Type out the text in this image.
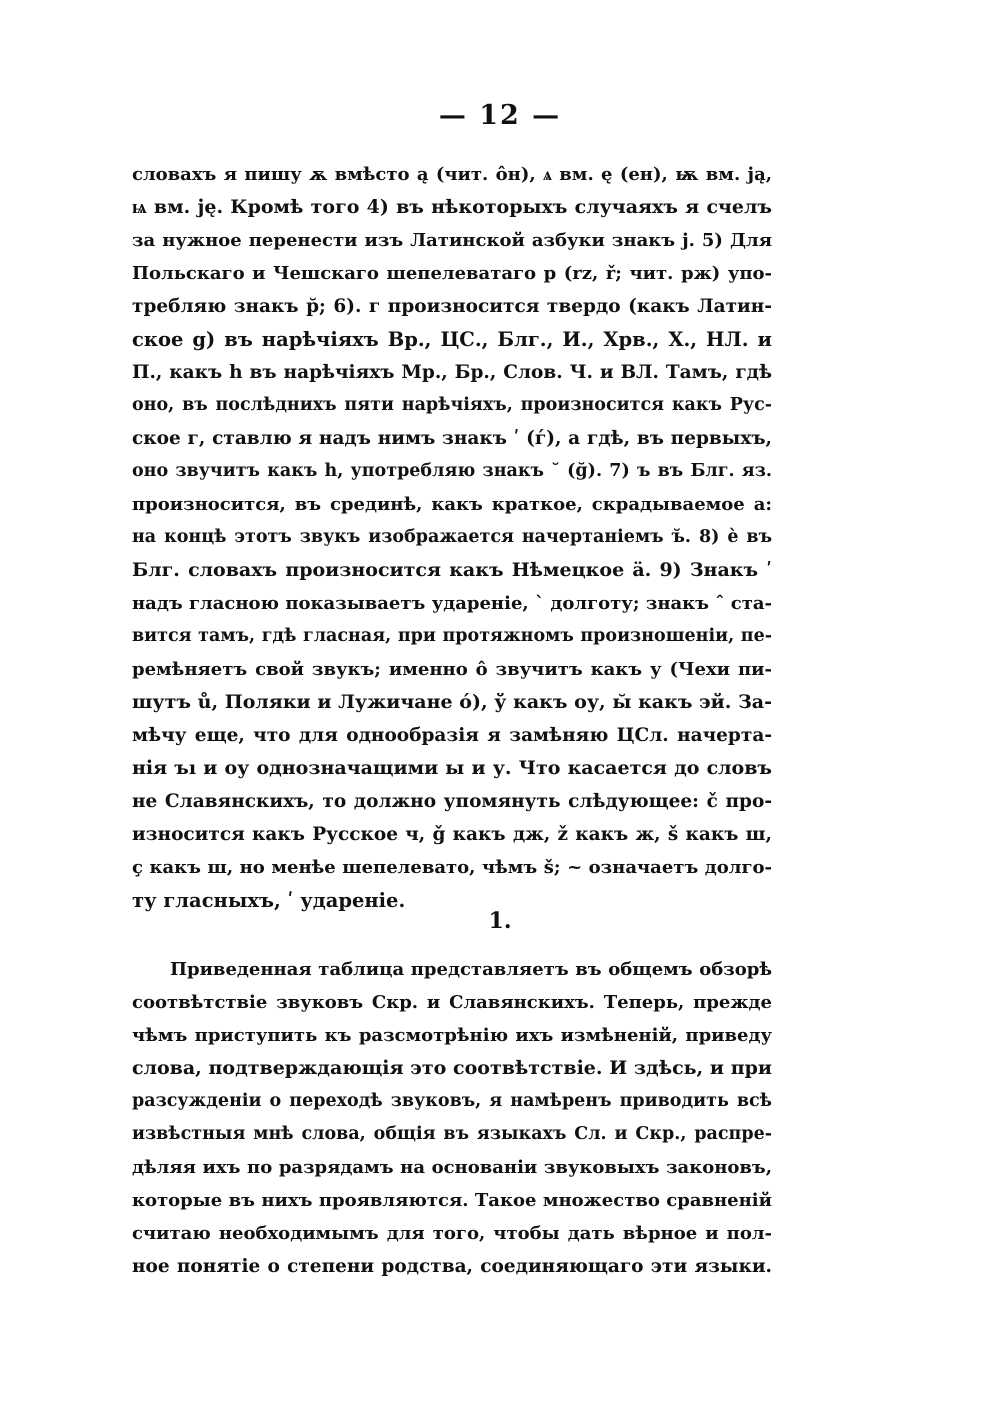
— 12 —
словахъ я пишу ѫ вмѣсто ą (чит. ôн), ѧ вм. ę (ен), ѭ вм. ją,
ѩ вм. ję. Кромѣ того 4) въ нѣкоторыхъ случаяхъ я счелъ
за нужное перенести изъ Латинской азбуки знакъ j. 5) Для
Польскаго и Чешскаго шепелеватаго р (rz, ř; чит. рж) упо-
требляю знакъ р̆; 6). г произносится твердо (какъ Латин-
ское g) въ нарѣчіяхъ Вр., ЦС., Блг., И., Хрв., Х., НЛ. и
П., какъ h въ нарѣчіяхъ Мр., Бр., Слов. Ч. и ВЛ. Тамъ, гдѣ
оно, въ послѣднихъ пяти нарѣчіяхъ, произносится какъ Рус-
ское г, ставлю я надъ нимъ знакъ ʹ (ѓ), а гдѣ, въ первыхъ,
оно звучитъ какъ h, употребляю знакъ ˘ (ğ). 7) ъ въ Блг. яз.
произносится, въ срединѣ, какъ краткое, скрадываемое а:
на концѣ этотъ звукъ изображается начертаніемъ ъ̆. 8) ѐ въ
Блг. словахъ произносится какъ Нѣмецкое ä. 9) Знакъ ʹ
надъ гласною показываетъ удареніе, ` долготу; знакъ ˆ ста-
вится тамъ, гдѣ гласная, при протяжномъ произношеніи, пе-
ремѣняетъ свой звукъ; именно ô звучитъ какъ у (Чехи пи-
шутъ ů, Поляки и Лужичане ó), ў какъ оу, ы̆ какъ эй. За-
мѣчу еще, что для однообразія я замѣняю ЦСл. начерта-
нія ъı и оу однозначащими ы и у. Что касается до словъ
не Славянскихъ, то должно упомянуть слѣдующее: č про-
износится какъ Русское ч, ǧ какъ дж, ž какъ ж, š какъ ш,
ç какъ ш, но менѣе шепелевато, чѣмъ š; ~ означаетъ долго-
ту гласныхъ, ʹ удареніе.
1.
Приведенная таблица представляетъ въ общемъ обзорѣ
соотвѣтствіе звуковъ Скр. и Славянскихъ. Теперь, прежде
чѣмъ приступить къ разсмотрѣнію ихъ измѣненій, приведу
слова, подтверждающія это соотвѣтствіе. И здѣсь, и при
разсужденіи о переходѣ звуковъ, я намѣренъ приводить всѣ
извѣстныя мнѣ слова, общія въ языкахъ Сл. и Скр., распре-
дѣляя ихъ по разрядамъ на основаніи звуковыхъ законовъ,
которые въ нихъ проявляются. Такое множество сравненій
считаю необходимымъ для того, чтобы дать вѣрное и пол-
ное понятіе о степени родства, соединяющаго эти языки.
